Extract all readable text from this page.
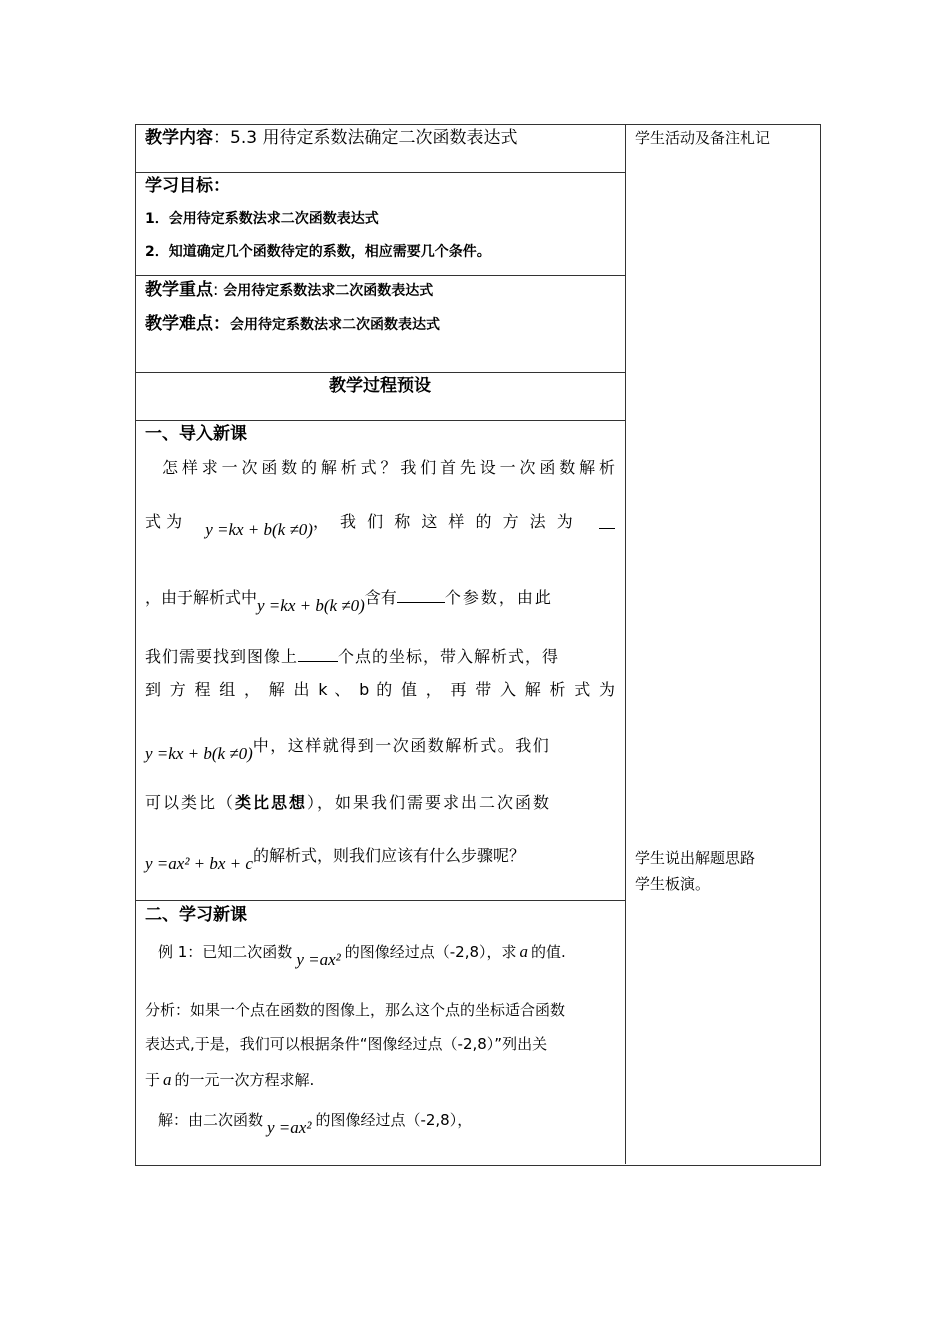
教学内容：5.3 用待定系数法确定二次函数表达式
学习目标：
1．会用待定系数法求二次函数表达式
2．知道确定几个函数待定的系数，相应需要几个条件。
教学重点: 会用待定系数法求二次函数表达式
教学难点：会用待定系数法求二次函数表达式
教学过程预设
一、导入新课
怎样求一次函数的解析式？我们首先设一次函数解析
式 为 y =kx + b(k ≠0)， 我 们 称 这 样 的 方 法 为
，由于解析式中y =kx + b(k ≠0)含有	个参数，由此
我们需要找到图像上	个点的坐标，带入解析式，得
到 方 程 组 ， 解 出 k 、 b 的 值 ， 再 带 入 解 析 式 为
y =kx + b(k ≠0)中，这样就得到一次函数解析式。我们
可以类比（类比思想），如果我们需要求出二次函数
y =ax² + bx + c的解析式，则我们应该有什么步骤呢？
二、学习新课
例 1：已知二次函数 y =ax² 的图像经过点（-2,8），求 a 的值.
分析：如果一个点在函数的图像上，那么这个点的坐标适合函数
表达式,于是，我们可以根据条件“图像经过点（-2,8）”列出关
于 a 的一元一次方程求解.
解：由二次函数 y =ax² 的图像经过点（-2,8），
学生活动及备注札记
学生说出解题思路
学生板演。
